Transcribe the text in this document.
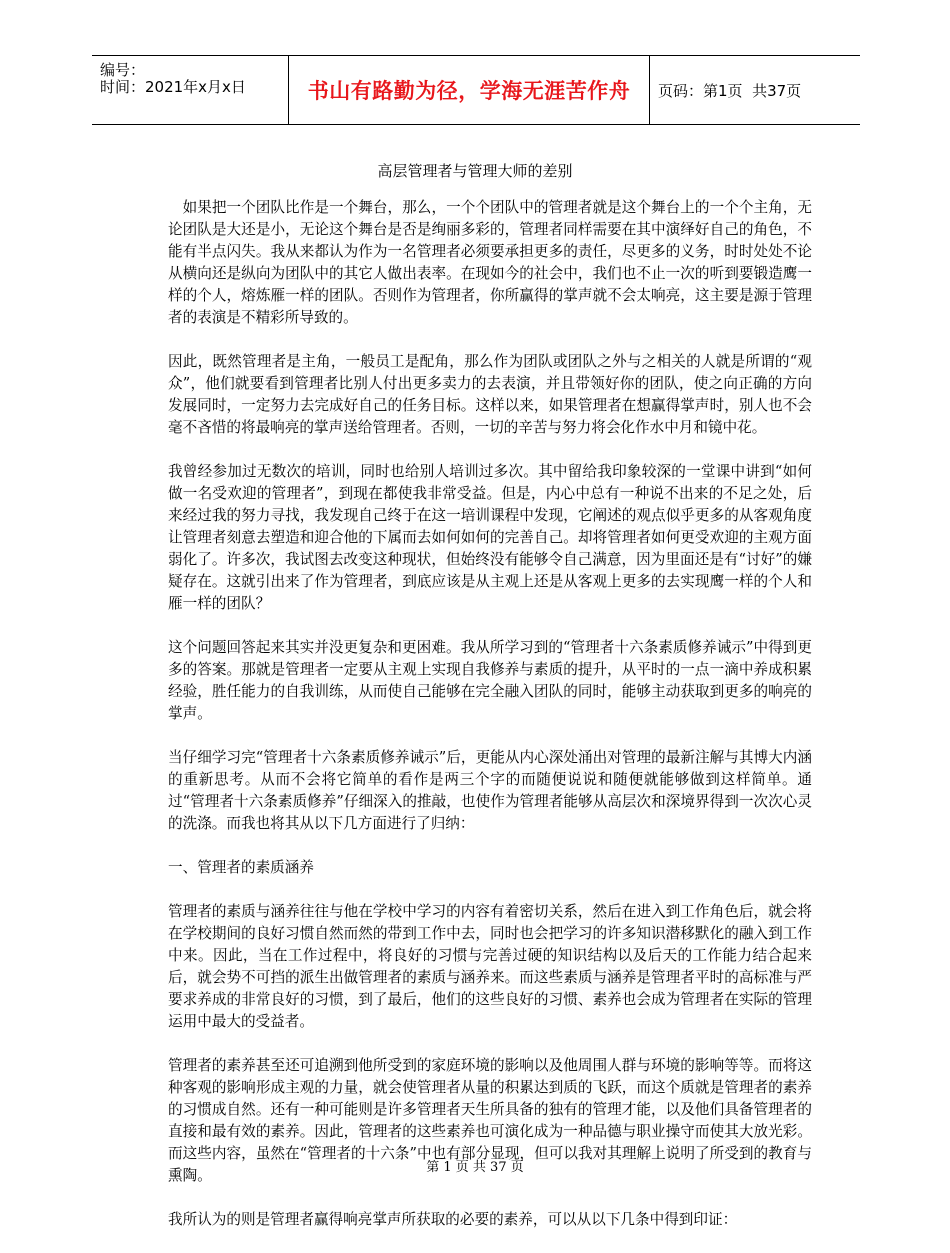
编号：
时间：2021年x月x日	书山有路勤为径，学海无涯苦作舟	页码：第1页  共37页
高层管理者与管理大师的差别

如果把一个团队比作是一个舞台，那么，一个个团队中的管理者就是这个舞台上的一个个主角，无论团队是大还是小，无论这个舞台是否是绚丽多彩的，管理者同样需要在其中演绎好自己的角色，不能有半点闪失。我从来都认为作为一名管理者必须要承担更多的责任，尽更多的义务，时时处处不论从横向还是纵向为团队中的其它人做出表率。在现如今的社会中，我们也不止一次的听到要锻造鹰一样的个人，熔炼雁一样的团队。否则作为管理者，你所赢得的掌声就不会太响亮，这主要是源于管理者的表演是不精彩所导致的。

因此，既然管理者是主角，一般员工是配角，那么作为团队或团队之外与之相关的人就是所谓的“观众”，他们就要看到管理者比别人付出更多卖力的去表演，并且带领好你的团队，使之向正确的方向发展同时，一定努力去完成好自己的任务目标。这样以来，如果管理者在想赢得掌声时，别人也不会毫不吝惜的将最响亮的掌声送给管理者。否则，一切的辛苦与努力将会化作水中月和镜中花。

我曾经参加过无数次的培训，同时也给别人培训过多次。其中留给我印象较深的一堂课中讲到“如何做一名受欢迎的管理者”，到现在都使我非常受益。但是，内心中总有一种说不出来的不足之处，后来经过我的努力寻找，我发现自己终于在这一培训课程中发现，它阐述的观点似乎更多的从客观角度让管理者刻意去塑造和迎合他的下属而去如何如何的完善自己。却将管理者如何更受欢迎的主观方面弱化了。许多次，我试图去改变这种现状，但始终没有能够令自己满意，因为里面还是有“讨好”的嫌疑存在。这就引出来了作为管理者，到底应该是从主观上还是从客观上更多的去实现鹰一样的个人和雁一样的团队？

这个问题回答起来其实并没更复杂和更困难。我从所学习到的“管理者十六条素质修养诫示”中得到更多的答案。那就是管理者一定要从主观上实现自我修养与素质的提升，从平时的一点一滴中养成积累经验，胜任能力的自我训练，从而使自己能够在完全融入团队的同时，能够主动获取到更多的响亮的掌声。

当仔细学习完“管理者十六条素质修养诫示”后，更能从内心深处涌出对管理的最新注解与其博大内涵的重新思考。从而不会将它简单的看作是两三个字的而随便说说和随便就能够做到这样简单。通过“管理者十六条素质修养”仔细深入的推敲，也使作为管理者能够从高层次和深境界得到一次次心灵的洗涤。而我也将其从以下几方面进行了归纳：

一、管理者的素质涵养

管理者的素质与涵养往往与他在学校中学习的内容有着密切关系，然后在进入到工作角色后，就会将在学校期间的良好习惯自然而然的带到工作中去，同时也会把学习的许多知识潜移默化的融入到工作中来。因此，当在工作过程中，将良好的习惯与完善过硬的知识结构以及后天的工作能力结合起来后，就会势不可挡的派生出做管理者的素质与涵养来。而这些素质与涵养是管理者平时的高标准与严要求养成的非常良好的习惯，到了最后，他们的这些良好的习惯、素养也会成为管理者在实际的管理运用中最大的受益者。

管理者的素养甚至还可追溯到他所受到的家庭环境的影响以及他周围人群与环境的影响等等。而将这种客观的影响形成主观的力量，就会使管理者从量的积累达到质的飞跃，而这个质就是管理者的素养的习惯成自然。还有一种可能则是许多管理者天生所具备的独有的管理才能，以及他们具备管理者的直接和最有效的素养。因此，管理者的这些素养也可演化成为一种品德与职业操守而使其大放光彩。而这些内容，虽然在“管理者的十六条”中也有部分显现，但可以我对其理解上说明了所受到的教育与熏陶。

我所认为的则是管理者赢得响亮掌声所获取的必要的素养，可以从以下几条中得到印证：

第 1 页 共 37 页
